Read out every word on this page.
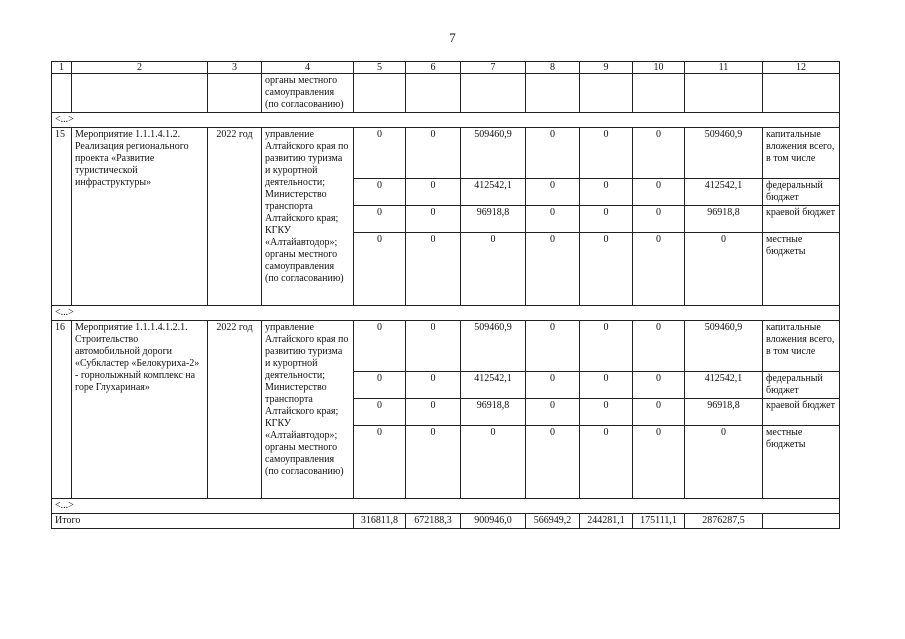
7
1	2	3	4	5	6	7	8	9	10	11	12
			органы местного самоуправления (по согласованию)								
<...>											
15	Мероприятие 1.1.1.4.1.2. Реализация регионального проекта «Развитие туристической инфраструктуры»	2022 год	управление Алтайского края по развитию туризма и курортной деятельности; Министерство транспорта Алтайского края; КГКУ «Алтайавтодор»; органы местного самоуправления (по согласованию)	0	0	509460,9	0	0	0	509460,9	капитальные вложения всего, в том числе
				0	0	412542,1	0	0	0	412542,1	федеральный бюджет
				0	0	96918,8	0	0	0	96918,8	краевой бюджет
				0	0	0	0	0	0	0	местные бюджеты
<...>											
16	Мероприятие 1.1.1.4.1.2.1. Строительство автомобильной дороги «Субкластер «Белокуриха-2» - горнолыжный комплекс на горе Глухариная»	2022 год	управление Алтайского края по развитию туризма и курортной деятельности; Министерство транспорта Алтайского края; КГКУ «Алтайавтодор»; органы местного самоуправления (по согласованию)	0	0	509460,9	0	0	0	509460,9	капитальные вложения всего, в том числе
				0	0	412542,1	0	0	0	412542,1	федеральный бюджет
				0	0	96918,8	0	0	0	96918,8	краевой бюджет
				0	0	0	0	0	0	0	местные бюджеты
<...>											
Итого				316811,8	672188,3	900946,0	566949,2	244281,1	175111,1	2876287,5	
